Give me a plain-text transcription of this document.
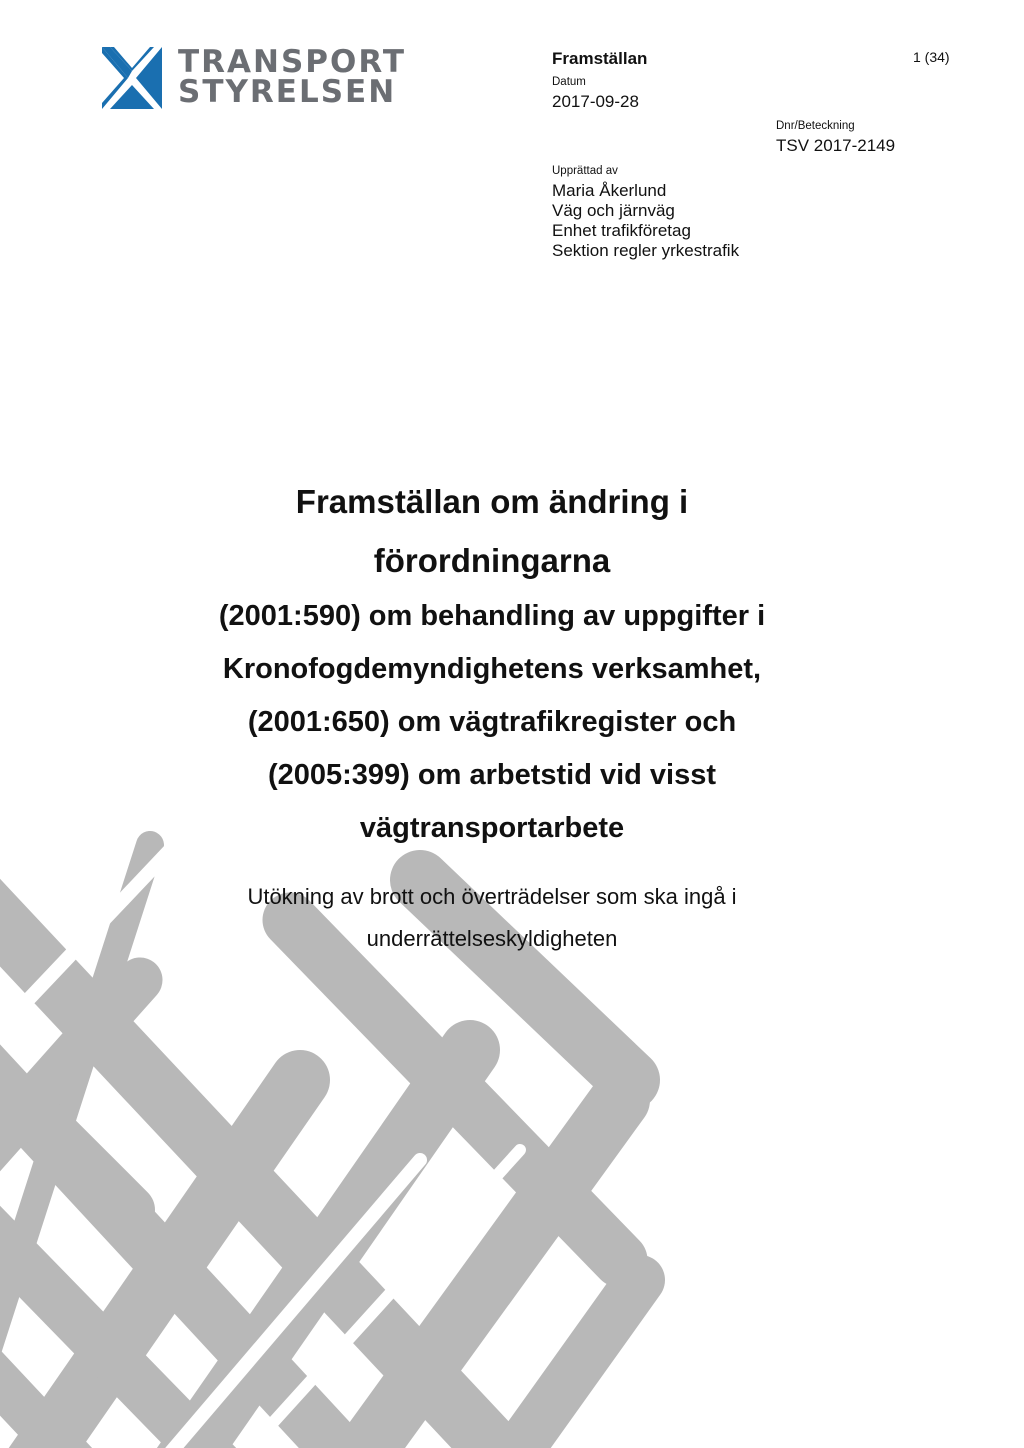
TRANSPORT
STYRELSEN
Framställan	1 (34)
Datum
2017-09-28
Dnr/Beteckning
TSV 2017-2149
Upprättad av
Maria Åkerlund
Väg och järnväg
Enhet trafikföretag
Sektion regler yrkestrafik
Framställan om ändring i
förordningarna
(2001:590) om behandling av uppgifter i
Kronofogdemyndighetens verksamhet,
(2001:650) om vägtrafikregister och
(2005:399) om arbetstid vid visst
vägtransportarbete
Utökning av brott och överträdelser som ska ingå i
underrättelseskyldigheten
